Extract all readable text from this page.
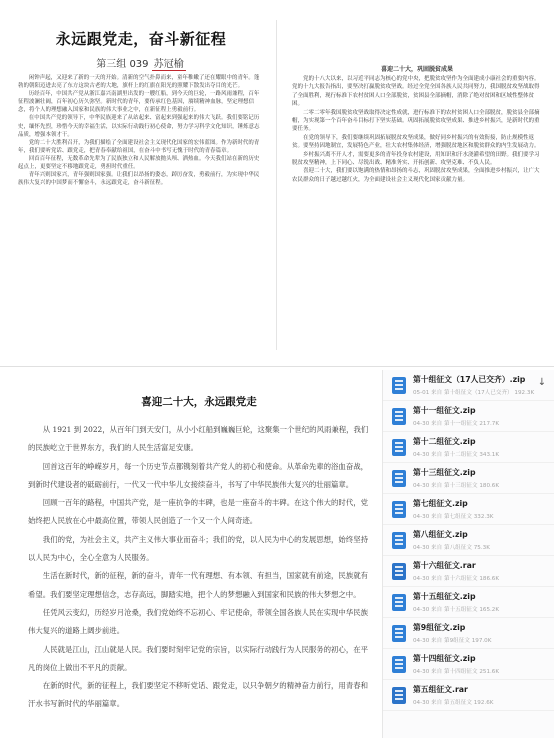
永远跟党走，奋斗新征程
第三组 039 苏冠榆

闲钟声起，又迎来了新的一天的开始。清新的空气扑鼻而来，童年稚嫩了还在耀眼中的青年。蓬勃的朝阳迈进去亮了东方这块古老的大地，旗杆上的红旗在阳光的照耀下散发出夺目的光芒。

历经百年，中国共产党从浙江嘉兴南湖里出发的一艘红船，到今天的巨轮，一路风雨兼程，百年征程波澜壮阔，百年初心历久弥坚。新时代的青年，要传承红色基因，赓续精神血脉，坚定理想信念，将个人的理想融入国家和民族的伟大事业之中，在新征程上勇毅前行。

在中国共产党的领导下，中华民族迎来了从站起来、富起来到强起来的伟大飞跃。我们要铭记历史，缅怀先烈，珍惜今天的幸福生活，以实际行动践行初心使命，努力学习科学文化知识，锤炼意志品质，增强本领才干。

党的二十大胜利召开，为我们描绘了全面建设社会主义现代化国家的宏伟蓝图。作为新时代的青年，我们要听党话、跟党走，把青春奉献给祖国，在奋斗中书写无愧于时代的青春篇章。

回首百年征程，无数革命先辈为了民族独立和人民解放抛头颅、洒热血。今天我们站在新的历史起点上，更要坚定不移地跟党走，勇担时代重任。

青年兴则国家兴，青年强则国家强。让我们以昂扬的姿态，踔厉奋发，勇毅前行，为实现中华民族伟大复兴的中国梦而不懈奋斗，永远跟党走，奋斗新征程。

喜迎二十大，巩固脱贫成果

党的十八大以来，以习近平同志为核心的党中央，把脱贫攻坚作为全面建成小康社会的重要内容。党的十九大报告指出，要坚决打赢脱贫攻坚战。经过全党全国各族人民共同努力，我国脱贫攻坚战取得了全面胜利，现行标准下农村贫困人口全部脱贫，贫困县全部摘帽，消除了绝对贫困和区域性整体贫困。

二零二零年我国脱贫攻坚战取得决定性成就，进行标准下的农村贫困人口全部脱贫，脱贫县全部摘帽，为实现第一个百年奋斗目标打下坚实基础。巩固拓展脱贫攻坚成果、推进乡村振兴，是新时代的重要任务。

在党的领导下，我们要继续巩固拓展脱贫攻坚成果，做好同乡村振兴的有效衔接，防止规模性返贫。要坚持因地制宜，发展特色产业，壮大农村集体经济，增强脱贫地区和脱贫群众的内生发展动力。

乡村振兴离不开人才，需要更多的青年投身农村建设，用知识和汗水浇灌希望的田野。我们要学习脱贫攻坚精神，上下同心、尽锐出战、精准务实、开拓创新、攻坚克难、不负人民。

喜迎二十大，我们要以饱满的热情和昂扬的斗志，巩固脱贫攻坚成果，全面推进乡村振兴，让广大农民群众的日子越过越红火，为全面建设社会主义现代化国家贡献力量。

喜迎二十大，永远跟党走

从 1921 到 2022，从百年门到天安门，从小小红船到巍巍巨轮，这聚集一个世纪的风雨兼程，我们的民族屹立于世界东方，我们的人民生活富足安康。

回首这百年的峥嵘岁月，每一个历史节点都镌刻着共产党人的初心和使命。从革命先辈的浴血奋战，到新时代建设者的砥砺前行，一代又一代中华儿女接续奋斗，书写了中华民族伟大复兴的壮丽篇章。

回顾一百年的路程，中国共产党，是一座抗争的丰碑，也是一座奋斗的丰碑。在这个伟大的时代，党始终把人民放在心中最高位置，带领人民创造了一个又一个人间奇迹。

我们的党，为社会主义，共产主义伟大事业而奋斗；我们的党，以人民为中心的发展思想，始终坚持以人民为中心，全心全意为人民服务。

生活在新时代，新的征程，新的奋斗，青年一代有理想、有本领、有担当，国家就有前途，民族就有希望。我们要坚定理想信念，志存高远，脚踏实地，把个人的梦想融入到国家和民族的伟大梦想之中。

任凭风云变幻，历经岁月沧桑，我们党始终不忘初心、牢记使命，带领全国各族人民在实现中华民族伟大复兴的道路上阔步前进。

人民就是江山，江山就是人民。我们要时刻牢记党的宗旨，以实际行动践行为人民服务的初心，在平凡的岗位上做出不平凡的贡献。

在新的时代，新的征程上，我们要坚定不移听党话、跟党走，以只争朝夕的精神奋力前行，用青春和汗水书写新时代的华丽篇章。

第十组征文（17人已交齐）.zip
05-01 来自 第十组征文（17人已交齐） 192.3K
↓
第十一组征文.zip
04-30 来自 第十一组征文 217.7K
第十二组征文.zip
04-30 来自 第十二组征文 343.1K
第十三组征文.zip
04-30 来自 第十三组征文 180.6K
第七组征文.zip
04-30 来自 第七组征文 332.3K
第八组征文.zip
04-30 来自 第八组征文 75.3K
第十六组征文.rar
04-30 来自 第十六组征文 186.6K
第十五组征文.zip
04-30 来自 第十五组征文 165.2K
第9组征文.zip
04-30 来自 第9组征文 197.0K
第十四组征文.zip
04-30 来自 第十四组征文 251.6K
第五组征文.rar
04-30 来自 第五组征文 192.6K
